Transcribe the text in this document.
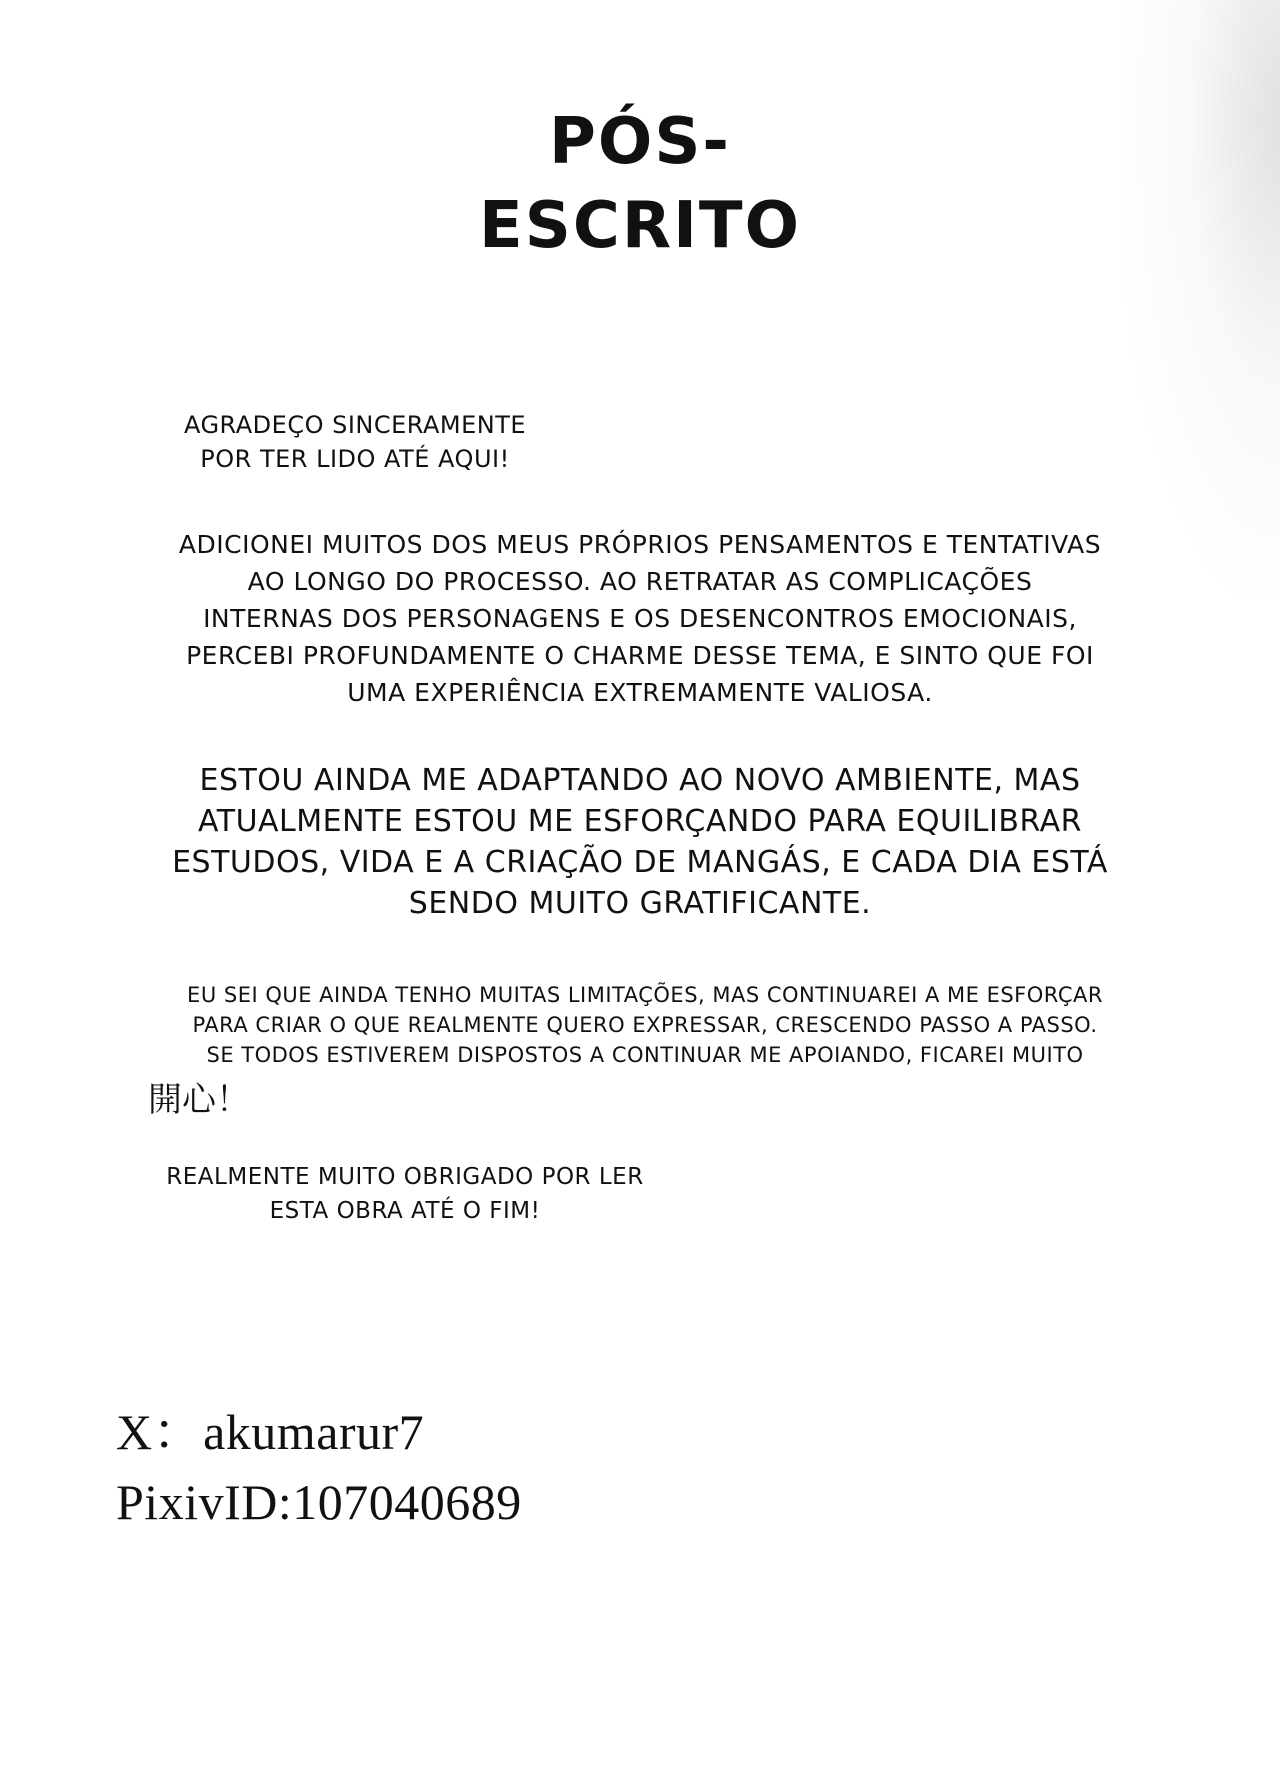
PÓS-
ESCRITO
AGRADEÇO SINCERAMENTE
POR TER LIDO ATÉ AQUI!
ADICIONEI MUITOS DOS MEUS PRÓPRIOS PENSAMENTOS E TENTATIVAS
AO LONGO DO PROCESSO. AO RETRATAR AS COMPLICAÇÕES
INTERNAS DOS PERSONAGENS E OS DESENCONTROS EMOCIONAIS,
PERCEBI PROFUNDAMENTE O CHARME DESSE TEMA, E SINTO QUE FOI
UMA EXPERIÊNCIA EXTREMAMENTE VALIOSA.
ESTOU AINDA ME ADAPTANDO AO NOVO AMBIENTE, MAS
ATUALMENTE ESTOU ME ESFORÇANDO PARA EQUILIBRAR
ESTUDOS, VIDA E A CRIAÇÃO DE MANGÁS, E CADA DIA ESTÁ
SENDO MUITO GRATIFICANTE.
EU SEI QUE AINDA TENHO MUITAS LIMITAÇÕES, MAS CONTINUAREI A ME ESFORÇAR
PARA CRIAR O QUE REALMENTE QUERO EXPRESSAR, CRESCENDO PASSO A PASSO.
SE TODOS ESTIVEREM DISPOSTOS A CONTINUAR ME APOIANDO, FICAREI MUITO
開心！
REALMENTE MUITO OBRIGADO POR LER
ESTA OBRA ATÉ O FIM!
X：akumarur7
PixivID:107040689
